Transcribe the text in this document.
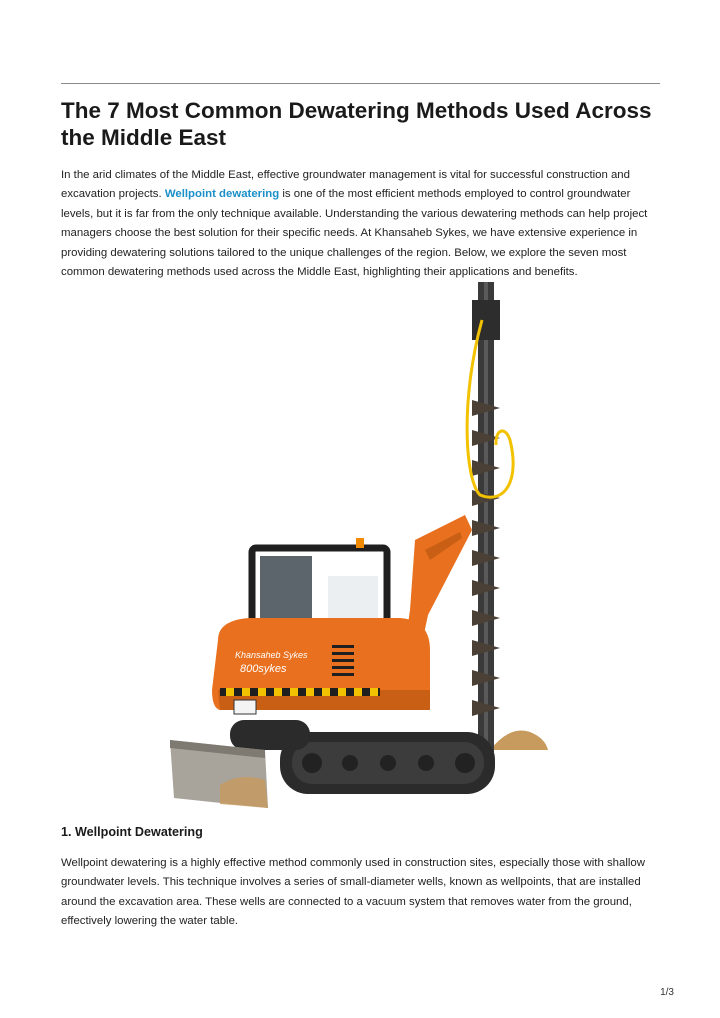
The 7 Most Common Dewatering Methods Used Across the Middle East

In the arid climates of the Middle East, effective groundwater management is vital for successful construction and excavation projects. Wellpoint dewatering is one of the most efficient methods employed to control groundwater levels, but it is far from the only technique available. Understanding the various dewatering methods can help project managers choose the best solution for their specific needs. At Khansaheb Sykes, we have extensive experience in providing dewatering solutions tailored to the unique challenges of the region. Below, we explore the seven most common dewatering methods used across the Middle East, highlighting their applications and benefits.

Khansaheb Sykes
800sykes
1. Wellpoint Dewatering

Wellpoint dewatering is a highly effective method commonly used in construction sites, especially those with shallow groundwater levels. This technique involves a series of small-diameter wells, known as wellpoints, that are installed around the excavation area. These wells are connected to a vacuum system that removes water from the ground, effectively lowering the water table.

1/3
